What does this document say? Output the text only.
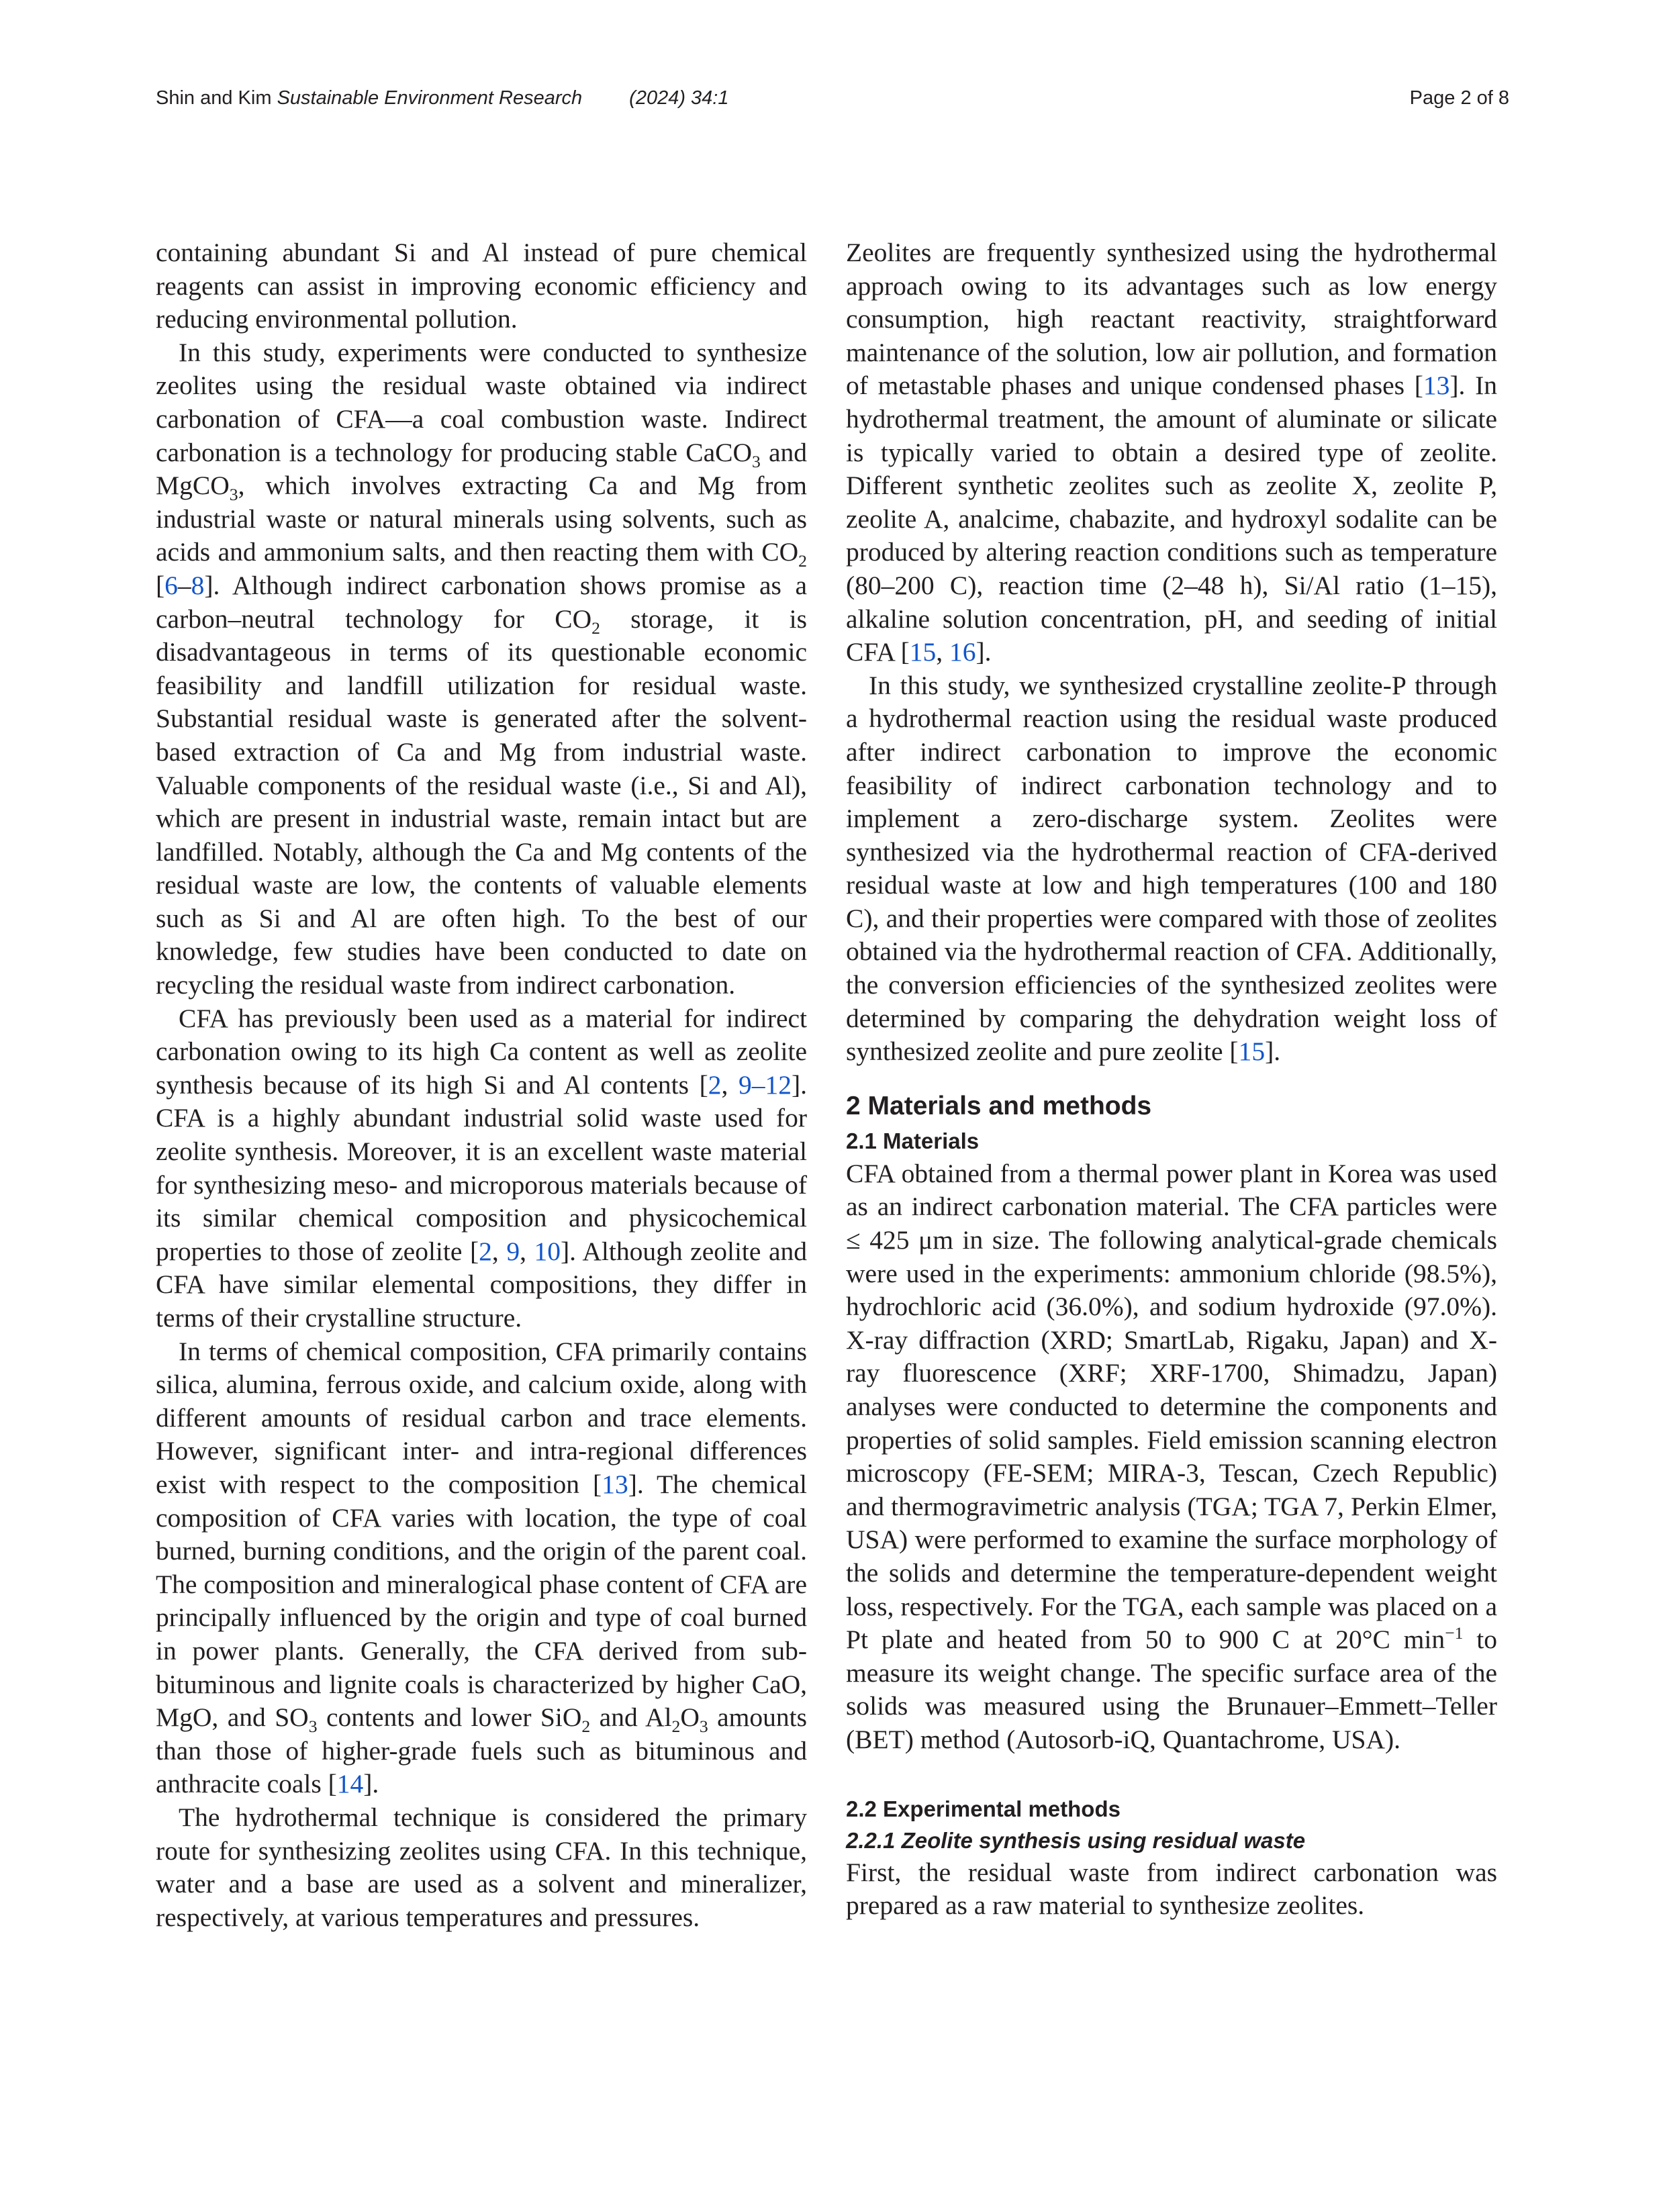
Shin and Kim Sustainable Environment Research (2024) 34:1	Page 2 of 8

containing abundant Si and Al instead of pure chemical reagents can assist in improving economic efficiency and reducing environmental pollution.

In this study, experiments were conducted to synthesize zeolites using the residual waste obtained via indirect carbonation of CFA—a coal combustion waste. Indirect carbonation is a technology for producing stable CaCO$_3$ and MgCO$_3$, which involves extracting Ca and Mg from industrial waste or natural minerals using solvents, such as acids and ammonium salts, and then reacting them with $CO_2$ [6–8]. Although indirect carbonation shows promise as a carbon–neutral technology for $CO_2$ storage, it is disadvantageous in terms of its questionable economic feasibility and landfill utilization for residual waste. Substantial residual waste is generated after the solvent-based extraction of Ca and Mg from industrial waste. Valuable components of the residual waste (i.e., Si and Al), which are present in industrial waste, remain intact but are landfilled. Notably, although the Ca and Mg contents of the residual waste are low, the contents of valuable elements such as Si and Al are often high. To the best of our knowledge, few studies have been conducted to date on recycling the residual waste from indirect carbonation.

CFA has previously been used as a material for indirect carbonation owing to its high Ca content as well as zeolite synthesis because of its high Si and Al contents [2, 9–12]. CFA is a highly abundant industrial solid waste used for zeolite synthesis. Moreover, it is an excellent waste material for synthesizing meso- and microporous materials because of its similar chemical composition and physicochemical properties to those of zeolite [2, 9, 10]. Although zeolite and CFA have similar elemental compositions, they differ in terms of their crystalline structure.

In terms of chemical composition, CFA primarily contains silica, alumina, ferrous oxide, and calcium oxide, along with different amounts of residual carbon and trace elements. However, significant inter- and intra-regional differences exist with respect to the composition [13]. The chemical composition of CFA varies with location, the type of coal burned, burning conditions, and the origin of the parent coal. The composition and mineralogical phase content of CFA are principally influenced by the origin and type of coal burned in power plants. Generally, the CFA derived from sub-bituminous and lignite coals is characterized by higher CaO, MgO, and $SO_3$ contents and lower SiO$_2$ and $Al_2O_3$ amounts than those of higher-grade fuels such as bituminous and anthracite coals [14].

The hydrothermal technique is considered the primary route for synthesizing zeolites using CFA. In this technique, water and a base are used as a solvent and mineralizer, respectively, at various temperatures and pressures.

Zeolites are frequently synthesized using the hydrothermal approach owing to its advantages such as low energy consumption, high reactant reactivity, straightforward maintenance of the solution, low air pollution, and formation of metastable phases and unique condensed phases [13]. In hydrothermal treatment, the amount of aluminate or silicate is typically varied to obtain a desired type of zeolite. Different synthetic zeolites such as zeolite X, zeolite P, zeolite A, analcime, chabazite, and hydroxyl sodalite can be produced by altering reaction conditions such as temperature (80–200 C), reaction time (2–48 h), Si/Al ratio (1–15), alkaline solution concentration, pH, and seeding of initial CFA [15, 16].

In this study, we synthesized crystalline zeolite-P through a hydrothermal reaction using the residual waste produced after indirect carbonation to improve the economic feasibility of indirect carbonation technology and to implement a zero-discharge system. Zeolites were synthesized via the hydrothermal reaction of CFA-derived residual waste at low and high temperatures (100 and 180 C), and their properties were compared with those of zeolites obtained via the hydrothermal reaction of CFA. Additionally, the conversion efficiencies of the synthesized zeolites were determined by comparing the dehydration weight loss of synthesized zeolite and pure zeolite [15].

2 Materials and methods
2.1 Materials

CFA obtained from a thermal power plant in Korea was used as an indirect carbonation material. The CFA particles were ≤ 425 μm in size. The following analytical-grade chemicals were used in the experiments: ammonium chloride (98.5%), hydrochloric acid (36.0%), and sodium hydroxide (97.0%). X-ray diffraction (XRD; SmartLab, Rigaku, Japan) and X-ray fluorescence (XRF; XRF-1700, Shimadzu, Japan) analyses were conducted to determine the components and properties of solid samples. Field emission scanning electron microscopy (FE-SEM; MIRA-3, Tescan, Czech Republic) and thermogravimetric analysis (TGA; TGA 7, Perkin Elmer, USA) were performed to examine the surface morphology of the solids and determine the temperature-dependent weight loss, respectively. For the TGA, each sample was placed on a Pt plate and heated from 50 to 900 C at 20°C $\min^{-1}$ to measure its weight change. The specific surface area of the solids was measured using the Brunauer–Emmett–Teller (BET) method (Autosorb-iQ, Quantachrome, USA).

2.2 Experimental methods
2.2.1 Zeolite synthesis using residual waste

First, the residual waste from indirect carbonation was prepared as a raw material to synthesize zeolites.
